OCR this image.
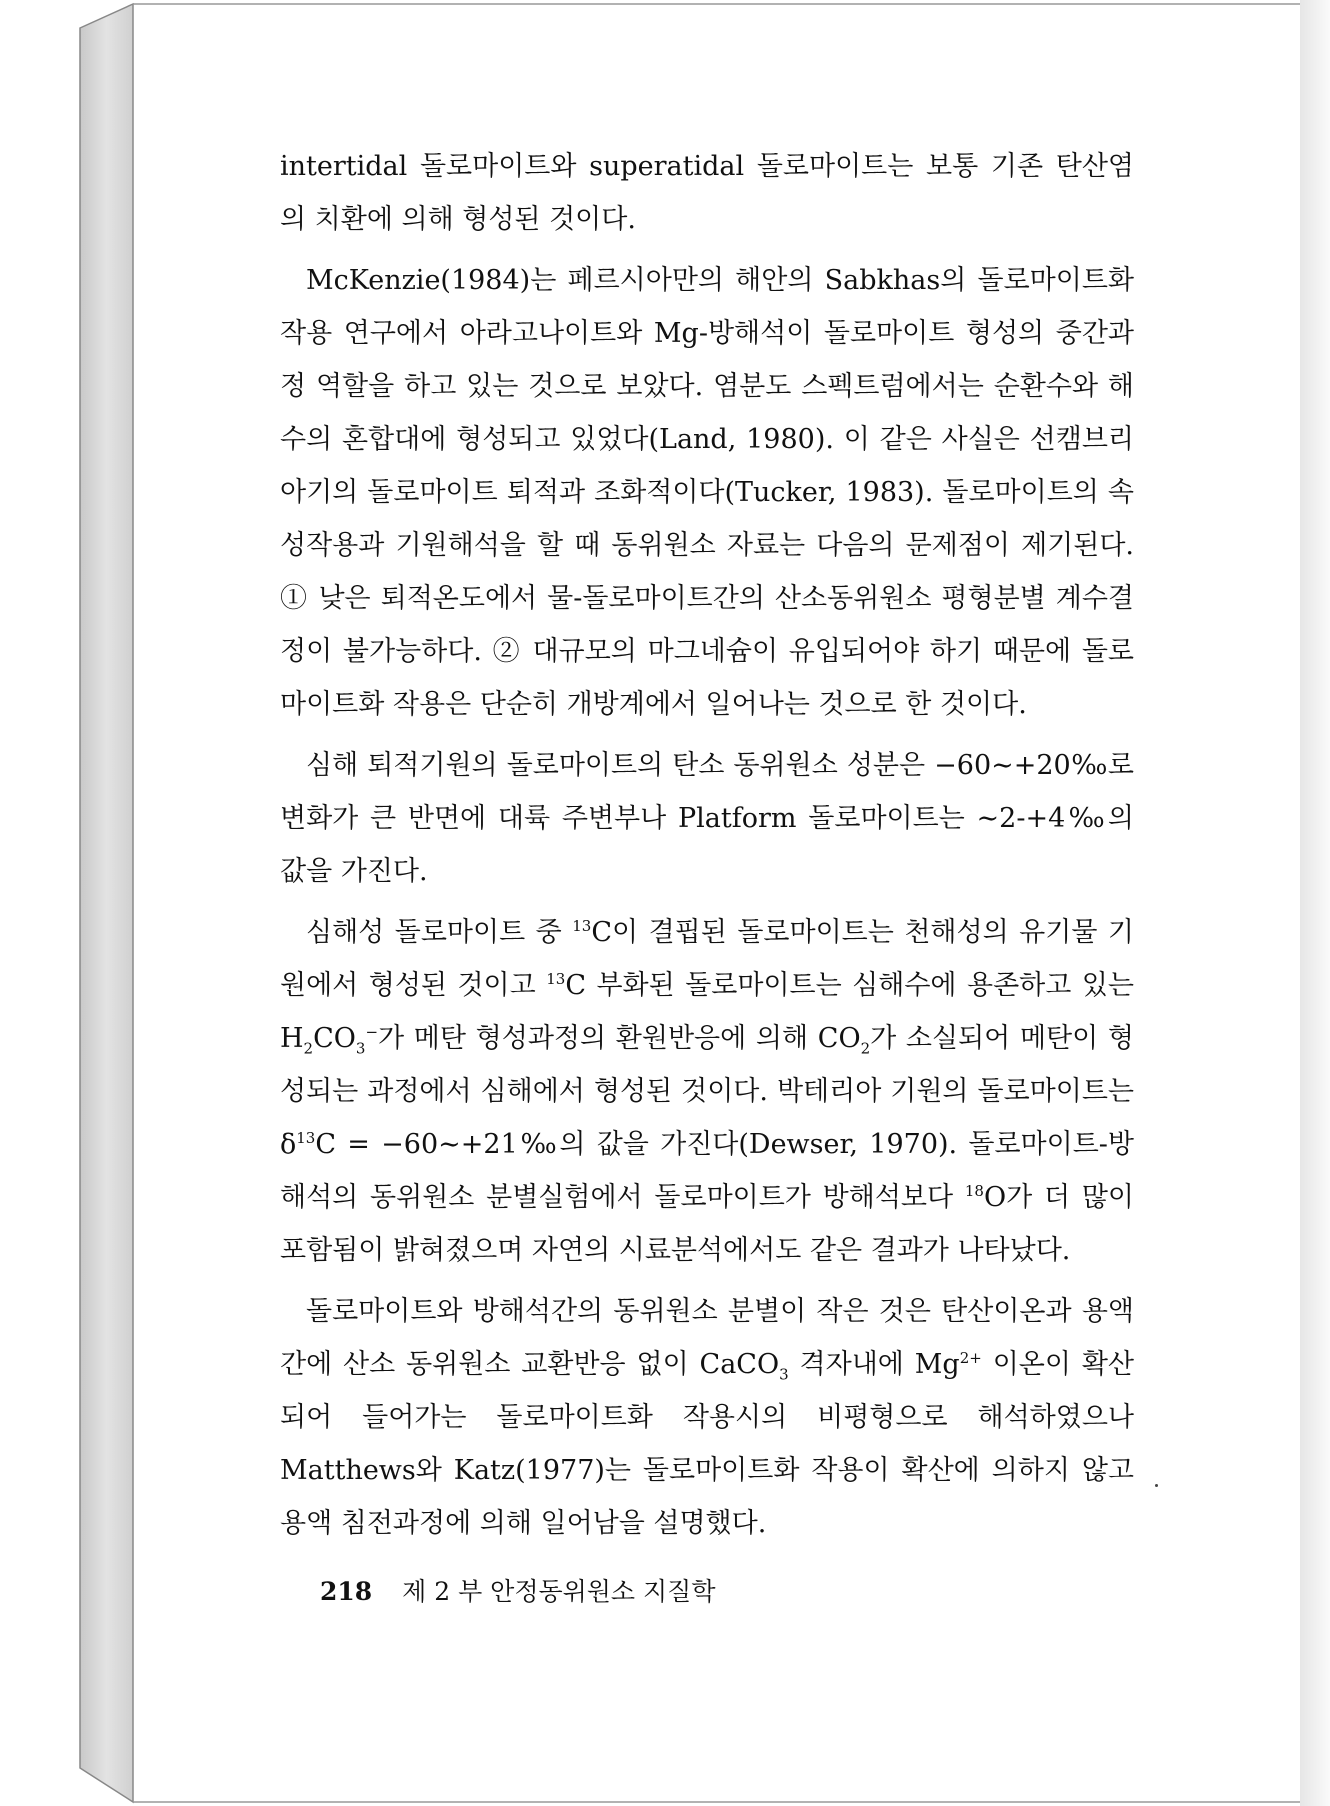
intertidal 돌로마이트와 superatidal 돌로마이트는 보통 기존 탄산염의 치환에 의해 형성된 것이다.

McKenzie(1984)는 페르시아만의 해안의 Sabkhas의 돌로마이트화 작용 연구에서 아라고나이트와 Mg-방해석이 돌로마이트 형성의 중간과정 역할을 하고 있는 것으로 보았다. 염분도 스펙트럼에서는 순환수와 해수의 혼합대에 형성되고 있었다(Land, 1980). 이 같은 사실은 선캠브리아기의 돌로마이트 퇴적과 조화적이다(Tucker, 1983). 돌로마이트의 속성작용과 기원해석을 할 때 동위원소 자료는 다음의 문제점이 제기된다. ① 낮은 퇴적온도에서 물-돌로마이트간의 산소동위원소 평형분별 계수결정이 불가능하다. ② 대규모의 마그네슘이 유입되어야 하기 때문에 돌로마이트화 작용은 단순히 개방계에서 일어나는 것으로 한 것이다.

심해 퇴적기원의 돌로마이트의 탄소 동위원소 성분은 −60∼+20‰로 변화가 큰 반면에 대륙 주변부나 Platform 돌로마이트는 ∼2-+4‰의 값을 가진다.

심해성 돌로마이트 중 $^{13}$C이 결핍된 돌로마이트는 천해성의 유기물 기원에서 형성된 것이고 $^{13}$C 부화된 돌로마이트는 심해수에 용존하고 있는 $H_2CO_3^-$가 메탄 형성과정의 환원반응에 의해 $CO_2$가 소실되어 메탄이 형성되는 과정에서 심해에서 형성된 것이다. 박테리아 기원의 돌로마이트는 $\delta^{13}C$ = −60∼+21‰의 값을 가진다(Dewser, 1970). 돌로마이트-방해석의 동위원소 분별실험에서 돌로마이트가 방해석보다 $^{18}$O가 더 많이 포함됨이 밝혀졌으며 자연의 시료분석에서도 같은 결과가 나타났다.

돌로마이트와 방해석간의 동위원소 분별이 작은 것은 탄산이온과 용액간에 산소 동위원소 교환반응 없이 CaCO$_3$ 격자내에 $Mg^{2+}$ 이온이 확산되어 들어가는 돌로마이트화 작용시의 비평형으로 해석하였으나 Matthews와 Katz(1977)는 돌로마이트화 작용이 확산에 의하지 않고 용액 침전과정에 의해 일어남을 설명했다.

218 제 2 부 안정동위원소 지질학
